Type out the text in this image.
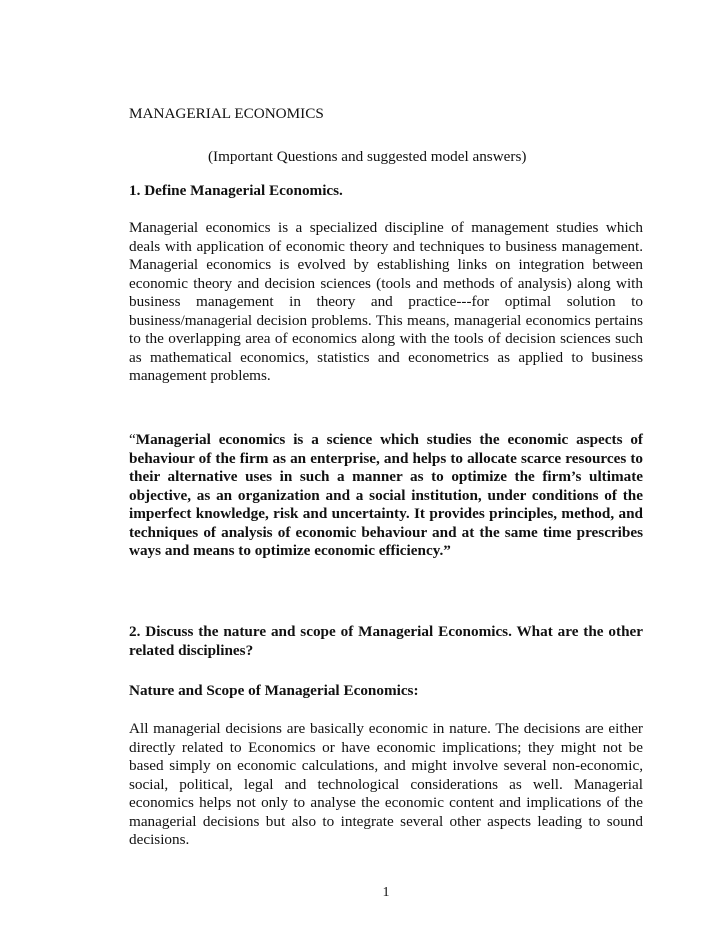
MANAGERIAL ECONOMICS

(Important Questions and suggested model answers)

1. Define Managerial Economics.

Managerial economics is a specialized discipline of management studies which deals with application of economic theory and techniques to business management. Managerial economics is evolved by establishing links on integration between economic theory and decision sciences (tools and methods of analysis) along with business management in theory and practice---for optimal solution to business/managerial decision problems. This means, managerial economics pertains to the overlapping area of economics along with the tools of decision sciences such as mathematical economics, statistics and econometrics as applied to business management problems.

“Managerial economics is a science which studies the economic aspects of behaviour of the firm as an enterprise, and helps to allocate scarce resources to their alternative uses in such a manner as to optimize the firm’s ultimate objective, as an organization and a social institution, under conditions of the imperfect knowledge, risk and uncertainty. It provides principles, method, and techniques of analysis of economic behaviour and at the same time prescribes ways and means to optimize economic efficiency.”

2. Discuss the nature and scope of Managerial Economics. What are the other related disciplines?

Nature and Scope of Managerial Economics:

All managerial decisions are basically economic in nature. The decisions are either directly related to Economics or have economic implications; they might not be based simply on economic calculations, and might involve several non-economic, social, political, legal and technological considerations as well. Managerial economics helps not only to analyse the economic content and implications of the managerial decisions but also to integrate several other aspects leading to sound decisions.

1
